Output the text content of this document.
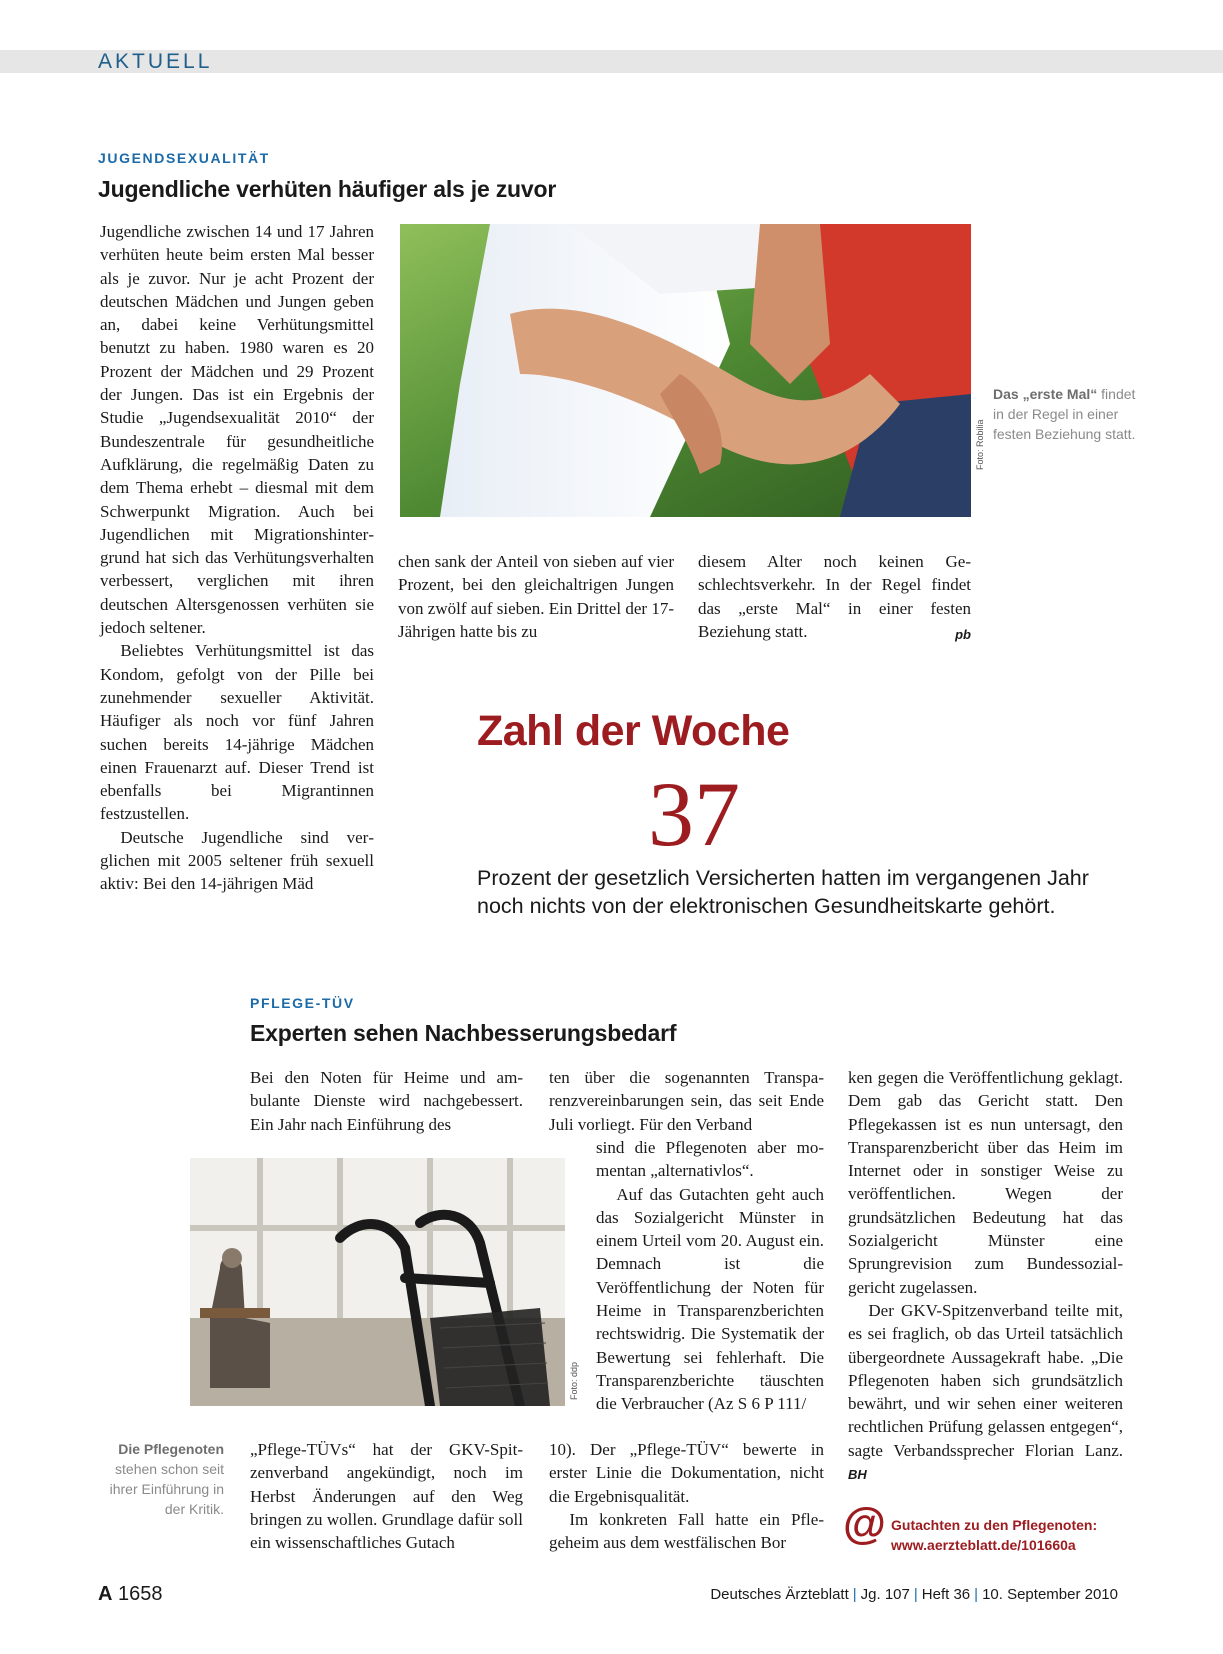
AKTUELL
JUGENDSEXUALITÄT
Jugendliche verhüten häufiger als je zuvor

Jugendliche zwischen 14 und 17 Jahren verhüten heute beim ersten Mal besser als je zuvor. Nur je acht Prozent der deutschen Mädchen und Jungen geben an, dabei keine Verhütungsmittel benutzt zu haben. 1980 waren es 20 Prozent der Mädchen und 29 Prozent der Jungen. Das ist ein Ergebnis der Studie „Jugendsexualität 2010“ der Bundeszentrale für gesundheitliche Aufklärung, die regelmäßig Daten zu dem Thema erhebt – diesmal mit dem Schwerpunkt Migration. Auch bei Jugendlichen mit Migrationshintergrund hat sich das Verhütungsverhalten verbessert, verglichen mit ihren deutschen Altersgenossen verhüten sie jedoch seltener.

Beliebtes Verhütungsmittel ist das Kondom, gefolgt von der Pille bei zunehmender sexueller Aktivität. Häufiger als noch vor fünf Jahren suchen bereits 14-jährige Mädchen einen Frauenarzt auf. Dieser Trend ist ebenfalls bei Migrantinnen festzustellen.

Deutsche Jugendliche sind verglichen mit 2005 seltener früh sexuell aktiv: Bei den 14-jährigen Mäd

Foto: Robilia
Das „erste Mal“ findet in der Regel in einer festen Beziehung statt.

chen sank der Anteil von sieben auf vier Prozent, bei den gleichaltrigen Jungen von zwölf auf sieben. Ein Drittel der 17-Jährigen hatte bis zu

diesem Alter noch keinen Geschlechtsverkehr. In der Regel findet das „erste Mal“ in einer festen Beziehung statt.	pb

Zahl der Woche
37
Prozent der gesetzlich Versicherten hatten im vergangenen Jahr noch nichts von der elektronischen Gesundheitskarte gehört.
PFLEGE-TÜV
Experten sehen Nachbesserungsbedarf

Bei den Noten für Heime und ambulante Dienste wird nachgebessert. Ein Jahr nach Einführung des

Foto: ddp
Die Pflegenoten
stehen schon seit ihrer Einführung in der Kritik.

„Pflege-TÜVs“ hat der GKV-Spitzenverband angekündigt, noch im Herbst Änderungen auf den Weg bringen zu wollen. Grundlage dafür soll ein wissenschaftliches Gutach

ten über die sogenannten Transparenzvereinbarungen sein, das seit Ende Juli vorliegt. Für den Verband

sind die Pflegenoten aber momentan „alternativlos“.

Auf das Gutachten geht auch das Sozialgericht Münster in einem Urteil vom 20. August ein. Demnach ist die Veröffentlichung der Noten für Heime in Transparenzberichten rechtswidrig. Die Systematik der Bewertung sei fehlerhaft. Die Transparenzberichte täuschten die Verbraucher (Az S 6 P 111/

10). Der „Pflege-TÜV“ bewerte in erster Linie die Dokumentation, nicht die Ergebnisqualität.

Im konkreten Fall hatte ein Pflegeheim aus dem westfälischen Bor

ken gegen die Veröffentlichung geklagt. Dem gab das Gericht statt. Den Pflegekassen ist es nun untersagt, den Transparenzbericht über das Heim im Internet oder in sonstiger Weise zu veröffentlichen. Wegen der grundsätzlichen Bedeutung hat das Sozialgericht Münster eine Sprungrevision zum Bundessozialgericht zugelassen.

Der GKV-Spitzenverband teilte mit, es sei fraglich, ob das Urteil tatsächlich übergeordnete Aussagekraft habe. „Die Pflegenoten haben sich grundsätzlich bewährt, und wir sehen einer weiteren rechtlichen Prüfung gelassen entgegen“, sagte Verbandssprecher Florian Lanz. BH

@ Gutachten zu den Pflegenoten:
www.aerzteblatt.de/101660a
A 1658	Deutsches Ärzteblatt | Jg. 107 | Heft 36 | 10. September 2010
